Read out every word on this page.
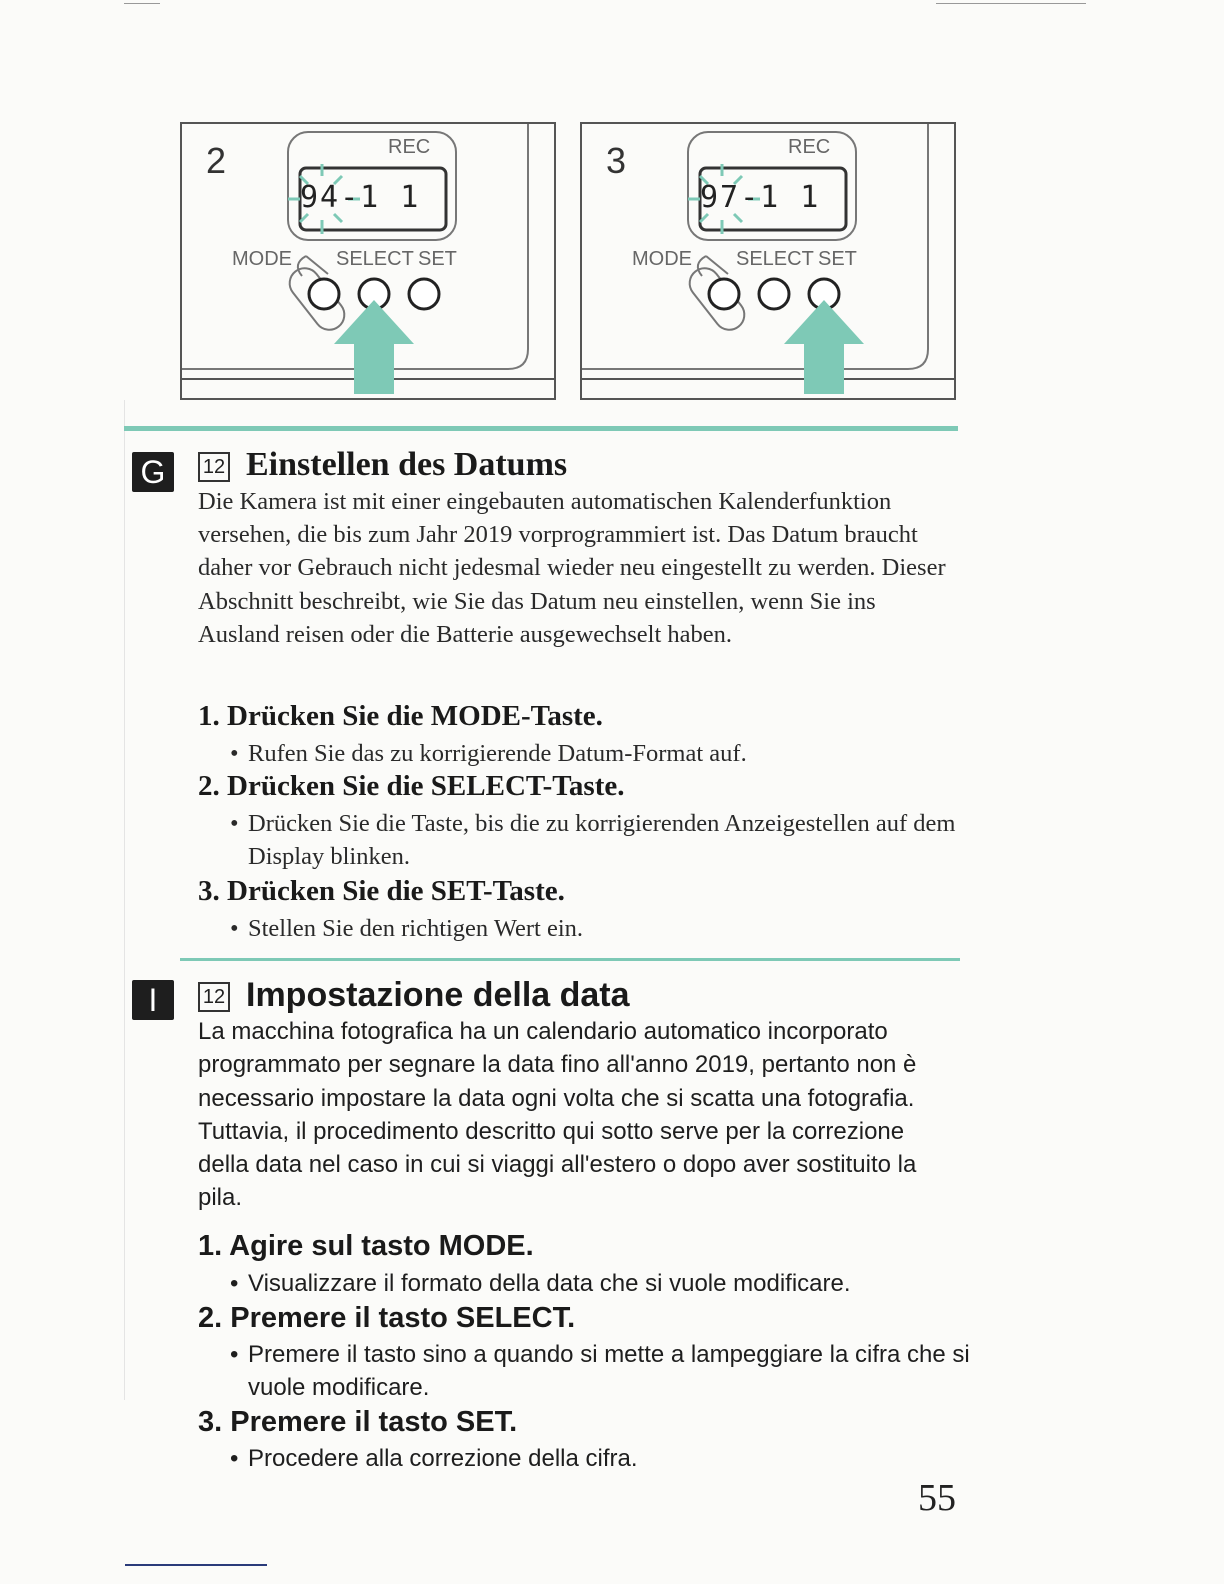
2	REC
94-1 1
MODE SELECT SET
3	REC
97-1 1
MODE SELECT SET
G	12 Einstellen des Datums

Die Kamera ist mit einer eingebauten automatischen Kalenderfunktion versehen, die bis zum Jahr 2019 vorprogrammiert ist. Das Datum braucht daher vor Gebrauch nicht jedesmal wieder neu eingestellt zu werden. Dieser Abschnitt beschreibt, wie Sie das Datum neu einstellen, wenn Sie ins Ausland reisen oder die Batterie ausgewechselt haben.

1. Drücken Sie die MODE-Taste.
• Rufen Sie das zu korrigierende Datum-Format auf.
2. Drücken Sie die SELECT-Taste.
• Drücken Sie die Taste, bis die zu korrigierenden Anzeigestellen auf dem Display blinken.
3. Drücken Sie die SET-Taste.
• Stellen Sie den richtigen Wert ein.
I	12 Impostazione della data

La macchina fotografica ha un calendario automatico incorporato programmato per segnare la data fino all'anno 2019, pertanto non è necessario impostare la data ogni volta che si scatta una fotografia. Tuttavia, il procedimento descritto qui sotto serve per la correzione della data nel caso in cui si viaggi all'estero o dopo aver sostituito la pila.

1. Agire sul tasto MODE.
• Visualizzare il formato della data che si vuole modificare.
2. Premere il tasto SELECT.
• Premere il tasto sino a quando si mette a lampeggiare la cifra che si vuole modificare.
3. Premere il tasto SET.
• Procedere alla correzione della cifra.
55
